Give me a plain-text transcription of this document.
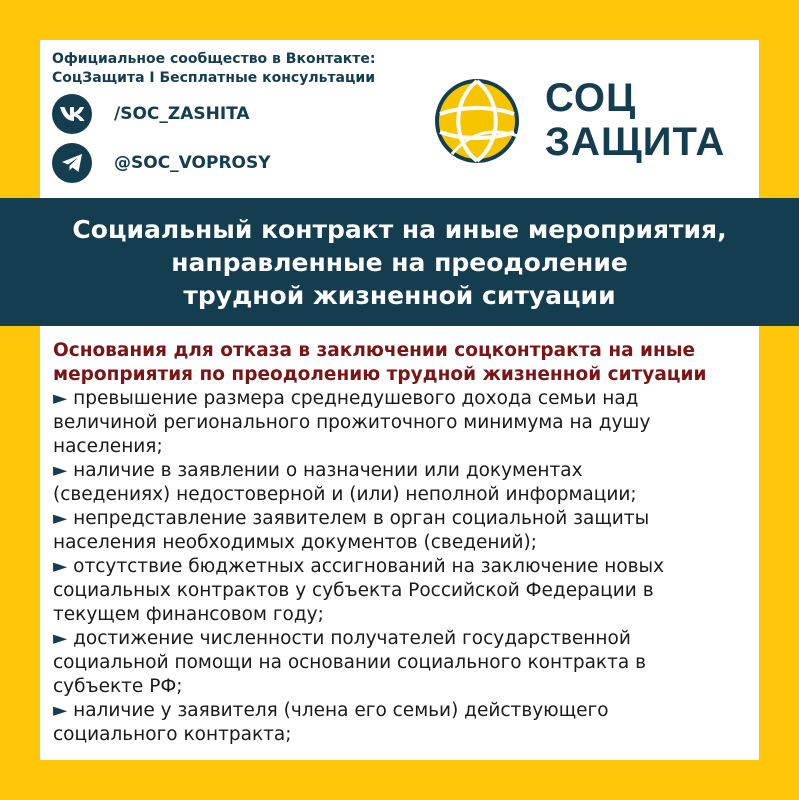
Официальное сообщество в Вконтакте:
СоцЗащита I Бесплатные консультации
/SOC_ZASHITA
@SOC_VOPROSY
СОЦ
ЗАЩИТА
Социальный контракт на иные мероприятия,
направленные на преодоление
трудной жизненной ситуации
Основания для отказа в заключении соцконтракта на иные
мероприятия по преодолению трудной жизненной ситуации
► превышение размера среднедушевого дохода семьи над
величиной регионального прожиточного минимума на душу
населения;
► наличие в заявлении о назначении или документах
(сведениях) недостоверной и (или) неполной информации;
► непредставление заявителем в орган социальной защиты
населения необходимых документов (сведений);
► отсутствие бюджетных ассигнований на заключение новых
социальных контрактов у субъекта Российской Федерации в
текущем финансовом году;
► достижение численности получателей государственной
социальной помощи на основании социального контракта в
субъекте РФ;
► наличие у заявителя (члена его семьи) действующего
социального контракта;
